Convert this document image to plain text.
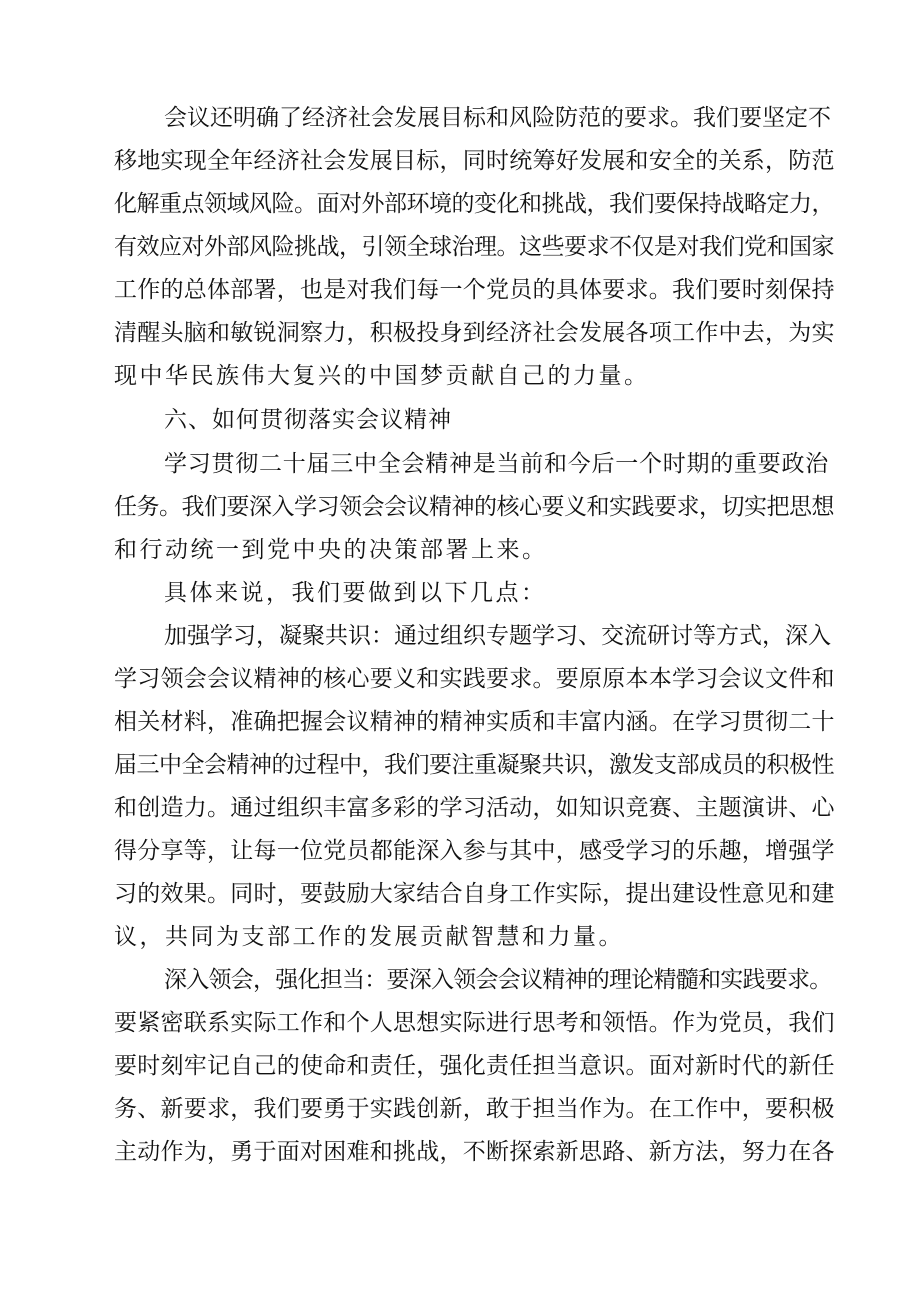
会议还明确了经济社会发展目标和风险防范的要求。我们要坚定不
移地实现全年经济社会发展目标，同时统筹好发展和安全的关系，防范
化解重点领域风险。面对外部环境的变化和挑战，我们要保持战略定力，
有效应对外部风险挑战，引领全球治理。这些要求不仅是对我们党和国家
工作的总体部署，也是对我们每一个党员的具体要求。我们要时刻保持
清醒头脑和敏锐洞察力，积极投身到经济社会发展各项工作中去，为实
现中华民族伟大复兴的中国梦贡献自己的力量。
六、如何贯彻落实会议精神
学习贯彻二十届三中全会精神是当前和今后一个时期的重要政治
任务。我们要深入学习领会会议精神的核心要义和实践要求，切实把思想
和行动统一到党中央的决策部署上来。
具体来说，我们要做到以下几点：
加强学习，凝聚共识：通过组织专题学习、交流研讨等方式，深入
学习领会会议精神的核心要义和实践要求。要原原本本学习会议文件和
相关材料，准确把握会议精神的精神实质和丰富内涵。在学习贯彻二十
届三中全会精神的过程中，我们要注重凝聚共识，激发支部成员的积极性
和创造力。通过组织丰富多彩的学习活动，如知识竞赛、主题演讲、心
得分享等，让每一位党员都能深入参与其中，感受学习的乐趣，增强学
习的效果。同时，要鼓励大家结合自身工作实际，提出建设性意见和建
议，共同为支部工作的发展贡献智慧和力量。
深入领会，强化担当：要深入领会会议精神的理论精髓和实践要求。
要紧密联系实际工作和个人思想实际进行思考和领悟。作为党员，我们
要时刻牢记自己的使命和责任，强化责任担当意识。面对新时代的新任
务、新要求，我们要勇于实践创新，敢于担当作为。在工作中，要积极
主动作为，勇于面对困难和挑战，不断探索新思路、新方法，努力在各
